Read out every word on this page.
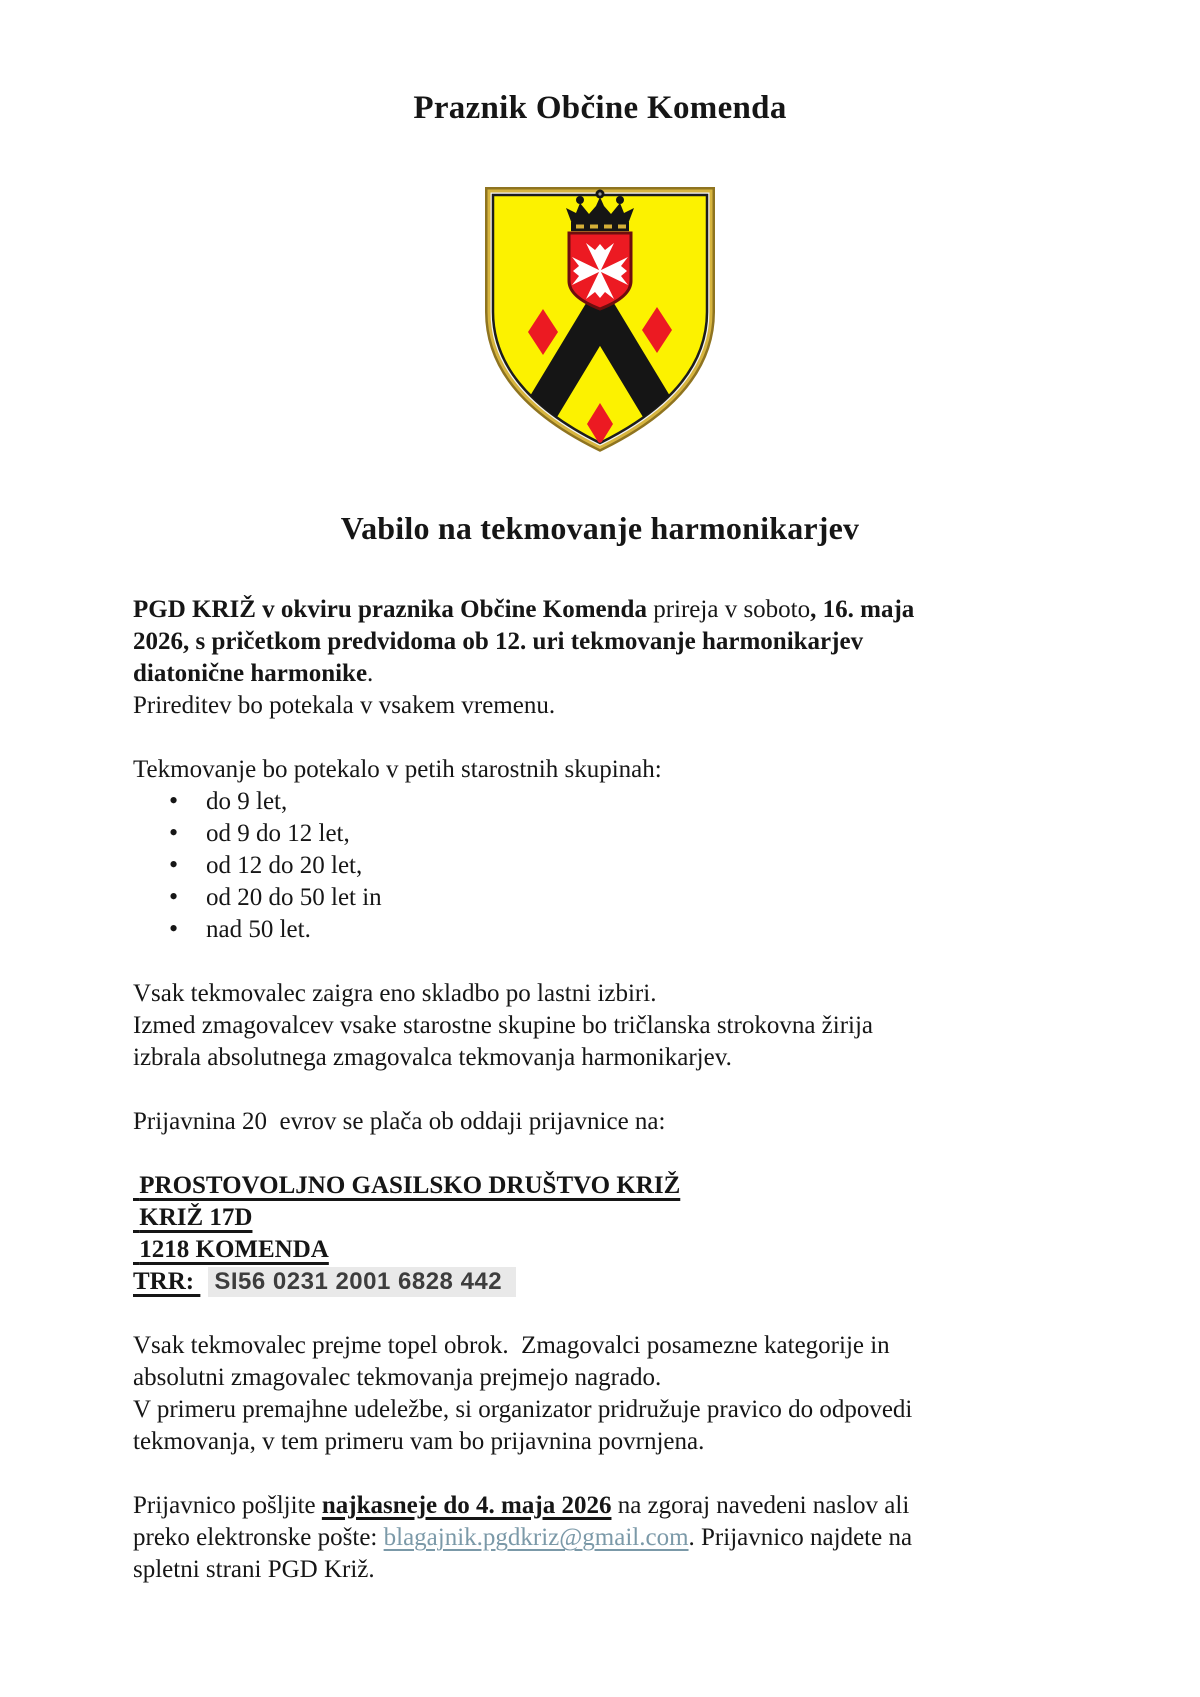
Praznik Občine Komenda
Vabilo na tekmovanje harmonikarjev
PGD KRIŽ v okviru praznika Občine Komenda prireja v soboto, 16. maja
2026, s pričetkom predvidoma ob 12. uri tekmovanje harmonikarjev
diatonične harmonike.
Prireditev bo potekala v vsakem vremenu.
Tekmovanje bo potekalo v petih starostnih skupinah:
• do 9 let,
• od 9 do 12 let,
• od 12 do 20 let,
• od 20 do 50 let in
• nad 50 let.
Vsak tekmovalec zaigra eno skladbo po lastni izbiri.
Izmed zmagovalcev vsake starostne skupine bo tričlanska strokovna žirija
izbrala absolutnega zmagovalca tekmovanja harmonikarjev.
Prijavnina 20  evrov se plača ob oddaji prijavnice na:
PROSTOVOLJNO GASILSKO DRUŠTVO KRIŽ
KRIŽ 17D
1218 KOMENDA
TRR: SI56 0231 2001 6828 442
Vsak tekmovalec prejme topel obrok.  Zmagovalci posamezne kategorije in
absolutni zmagovalec tekmovanja prejmejo nagrado.
V primeru premajhne udeležbe, si organizator pridružuje pravico do odpovedi
tekmovanja, v tem primeru vam bo prijavnina povrnjena.
Prijavnico pošljite najkasneje do 4. maja 2026 na zgoraj navedeni naslov ali
preko elektronske pošte: blagajnik.pgdkriz@gmail.com. Prijavnico najdete na
spletni strani PGD Križ.
